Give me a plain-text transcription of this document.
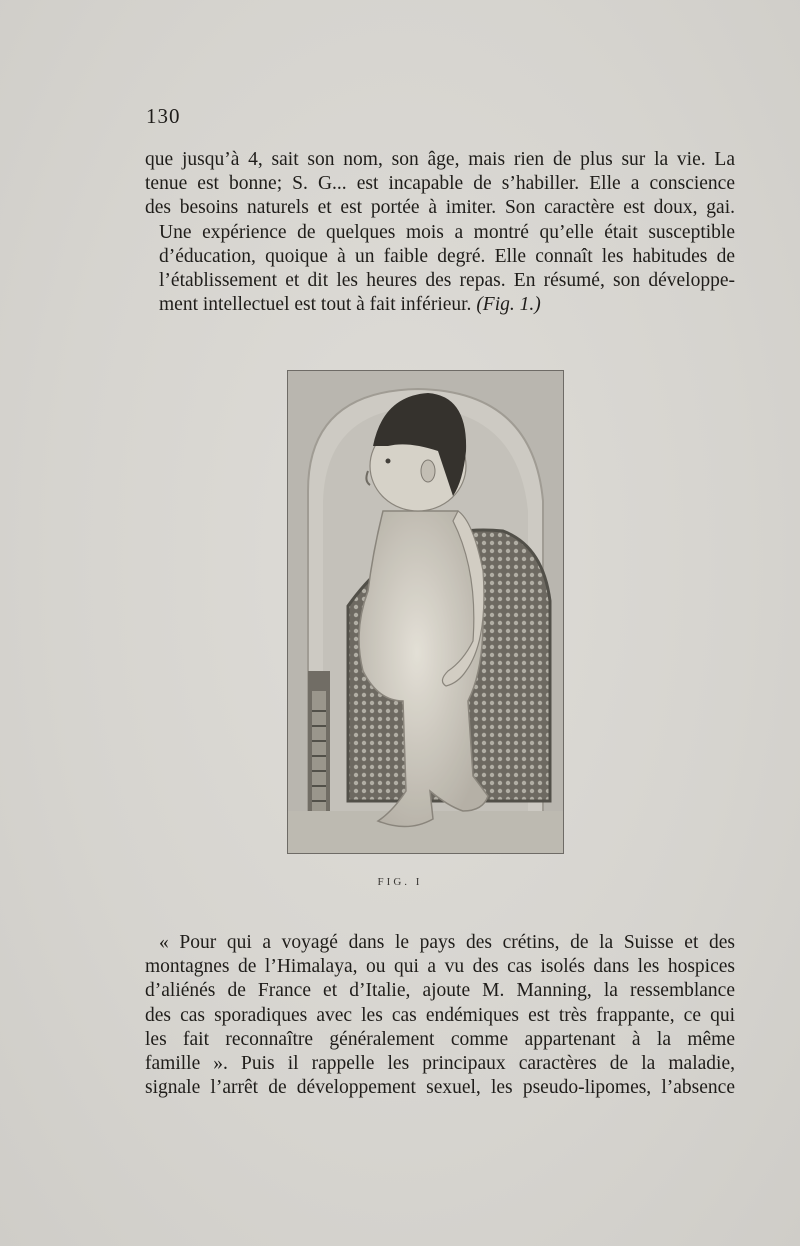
130

que jusqu’à 4, sait son nom, son âge, mais rien de plus sur la vie. La
tenue est bonne; S. G... est incapable de s’habiller. Elle a conscience
des besoins naturels et est portée à imiter. Son caractère est doux, gai.

Une expérience de quelques mois a montré qu’elle était susceptible
d’éducation, quoique à un faible degré. Elle connaît les habitudes de
l’établissement et dit les heures des repas. En résumé, son développe-
ment intellectuel est tout à fait inférieur. (Fig. 1.)

FIG. I

« Pour qui a voyagé dans le pays des crétins, de la Suisse et des
montagnes de l’Himalaya, ou qui a vu des cas isolés dans les hospices
d’aliénés de France et d’Italie, ajoute M. Manning, la ressemblance
des cas sporadiques avec les cas endémiques est très frappante, ce qui
les fait reconnaître généralement comme appartenant à la même
famille ». Puis il rappelle les principaux caractères de la maladie,
signale l’arrêt de développement sexuel, les pseudo-lipomes, l’absence
